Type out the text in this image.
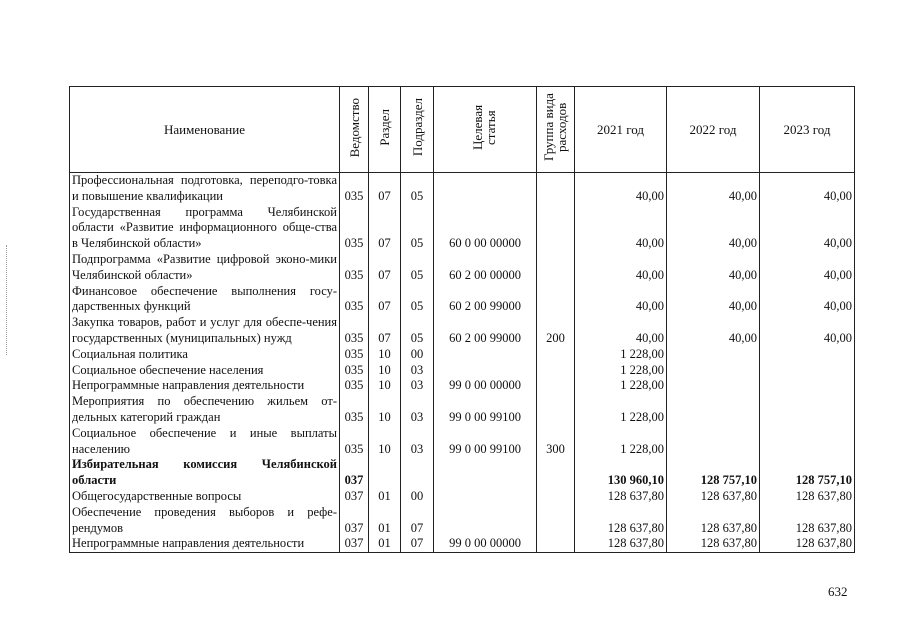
Наименование	Ведомство	Раздел	Подраздел	Целевая статья	Группа вида расходов	2021 год	2022 год	2023 год
Профессиональная подготовка, переподго-товка и повышение квалификации	035	07	05			40,00	40,00	40,00
Государственная программа Челябинской области «Развитие информационного обще-ства в Челябинской области»	035	07	05	60 0 00 00000		40,00	40,00	40,00
Подпрограмма «Развитие цифровой эконо-мики Челябинской области»	035	07	05	60 2 00 00000		40,00	40,00	40,00
Финансовое обеспечение выполнения госу-дарственных функций	035	07	05	60 2 00 99000		40,00	40,00	40,00
Закупка товаров, работ и услуг для обеспе-чения государственных (муниципальных) нужд	035	07	05	60 2 00 99000	200	40,00	40,00	40,00
Социальная политика	035	10	00			1 228,00		
Социальное обеспечение населения	035	10	03			1 228,00		
Непрограммные направления деятельности	035	10	03	99 0 00 00000		1 228,00		
Мероприятия по обеспечению жильем от-дельных категорий граждан	035	10	03	99 0 00 99100		1 228,00		
Социальное обеспечение и иные выплаты населению	035	10	03	99 0 00 99100	300	1 228,00		
Избирательная комиссия Челябинской области	037					130 960,10	128 757,10	128 757,10
Общегосударственные вопросы	037	01	00			128 637,80	128 637,80	128 637,80
Обеспечение проведения выборов и рефе-рендумов	037	01	07			128 637,80	128 637,80	128 637,80
Непрограммные направления деятельности	037	01	07	99 0 00 00000		128 637,80	128 637,80	128 637,80
632
